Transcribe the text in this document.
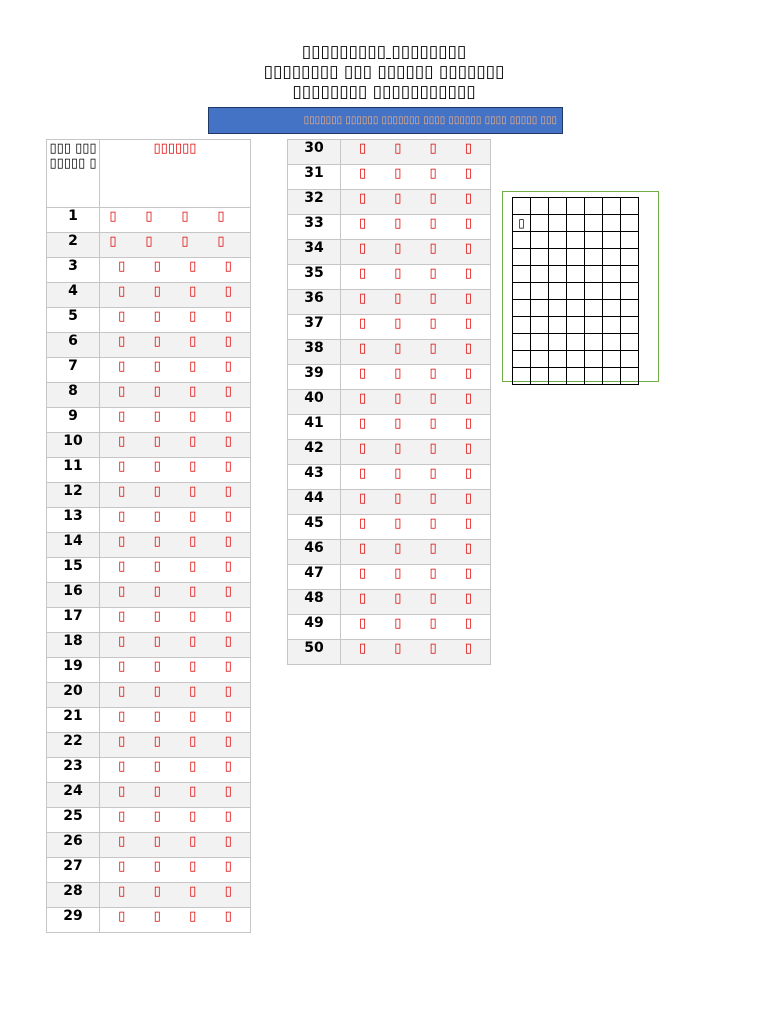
▯▯▯▯▯▯▯▯▯ ▯▯▯▯▯▯▯▯
▯▯▯▯▯▯▯▯ ▯▯▯ ▯▯▯▯▯▯ ▯▯▯▯▯▯▯
▯▯▯▯▯▯▯▯ ▯▯▯▯▯▯▯▯▯▯▯
▯▯▯▯▯▯▯ ▯▯▯▯▯▯ ▯▯▯▯▯▯▯ ▯▯▯▯ ▯▯▯▯▯▯ ▯▯▯▯ ▯▯▯▯▯ ▯▯▯
▯▯▯ ▯▯▯ ▯▯▯▯▯ ▯	▯▯▯▯▯▯

1	▯ ▯ ▯ ▯

2	▯ ▯ ▯ ▯

3	▯ ▯ ▯ ▯

4	▯ ▯ ▯ ▯

5	▯ ▯ ▯ ▯

6	▯ ▯ ▯ ▯

7	▯ ▯ ▯ ▯

8	▯ ▯ ▯ ▯

9	▯ ▯ ▯ ▯

10	▯ ▯ ▯ ▯

11	▯ ▯ ▯ ▯

12	▯ ▯ ▯ ▯

13	▯ ▯ ▯ ▯

14	▯ ▯ ▯ ▯

15	▯ ▯ ▯ ▯

16	▯ ▯ ▯ ▯

17	▯ ▯ ▯ ▯

18	▯ ▯ ▯ ▯

19	▯ ▯ ▯ ▯

20	▯ ▯ ▯ ▯

21	▯ ▯ ▯ ▯

22	▯ ▯ ▯ ▯

23	▯ ▯ ▯ ▯

24	▯ ▯ ▯ ▯

25	▯ ▯ ▯ ▯

26	▯ ▯ ▯ ▯

27	▯ ▯ ▯ ▯

28	▯ ▯ ▯ ▯

29	▯ ▯ ▯ ▯
30	▯ ▯ ▯ ▯

31	▯ ▯ ▯ ▯

32	▯ ▯ ▯ ▯

33	▯ ▯ ▯ ▯

34	▯ ▯ ▯ ▯

35	▯ ▯ ▯ ▯

36	▯ ▯ ▯ ▯

37	▯ ▯ ▯ ▯

38	▯ ▯ ▯ ▯

39	▯ ▯ ▯ ▯

40	▯ ▯ ▯ ▯

41	▯ ▯ ▯ ▯

42	▯ ▯ ▯ ▯

43	▯ ▯ ▯ ▯

44	▯ ▯ ▯ ▯

45	▯ ▯ ▯ ▯

46	▯ ▯ ▯ ▯

47	▯ ▯ ▯ ▯

48	▯ ▯ ▯ ▯

49	▯ ▯ ▯ ▯

50	▯ ▯ ▯ ▯

▯						
